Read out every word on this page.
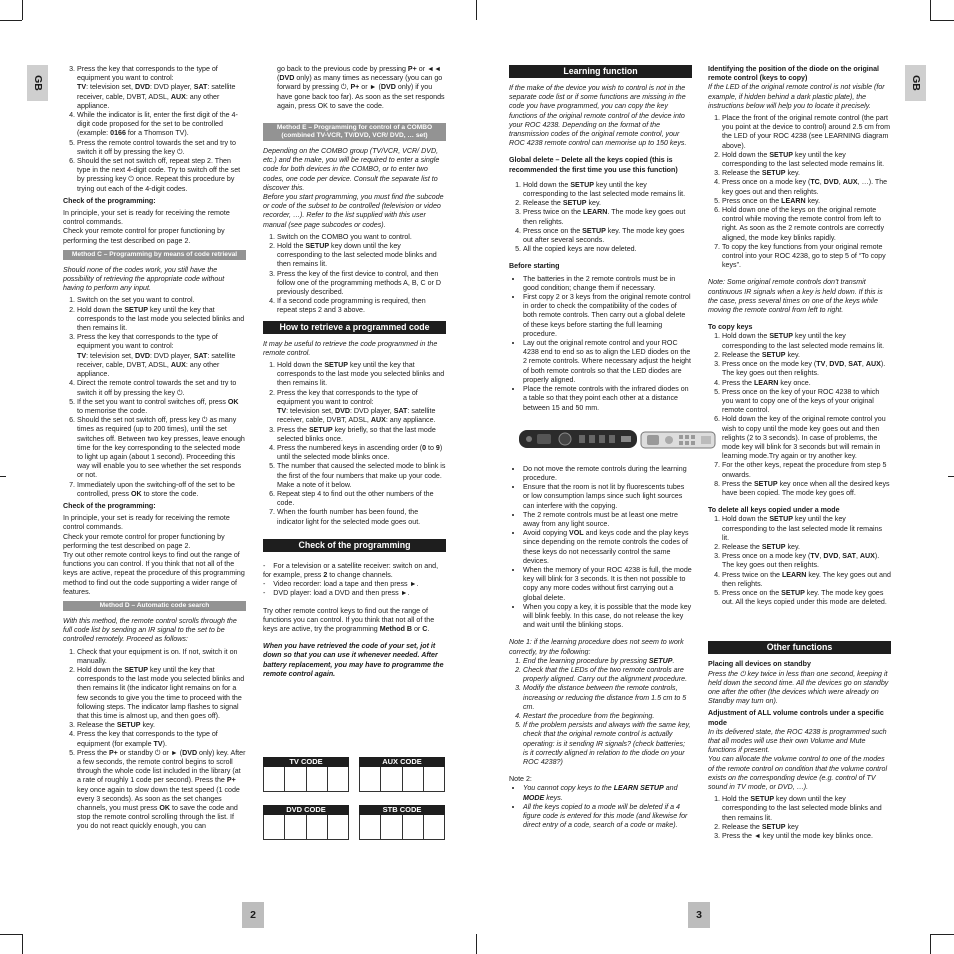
GB	GB
2	3
3. Press the key that corresponds to the type of equipment you want to control:
TV: television set, DVD: DVD player, SAT: satellite receiver, cable, DVBT, ADSL, AUX: any other appliance.
4. While the indicator is lit, enter the first digit of the 4-digit code proposed for the set to be controlled (example: 0166 for a Thomson TV).
5. Press the remote control towards the set and try to switch it off by pressing the key ⏻.
6. Should the set not switch off, repeat step 2. Then type in the next 4-digit code. Try to switch off the set by pressing key ⏻ once. Repeat this procedure by trying out each of the 4-digit codes.

Check of the programming:

In principle, your set is ready for receiving the remote control commands.

Check your remote control for proper functioning by performing the test described on page 2.

Method C – Programming by means of code retrieval

Should none of the codes work, you still have the possibility of retrieving the appropriate code without having to perform any input.

1. Switch on the set you want to control.
2. Hold down the SETUP key until the key that corresponds to the last mode you selected blinks and then remains lit.
3. Press the key that corresponds to the type of equipment you want to control:
TV: television set, DVD: DVD player, SAT: satellite receiver, cable, DVBT, ADSL, AUX: any other appliance.
4. Direct the remote control towards the set and try to switch it off by pressing the key ⏻.
5. If the set you want to control switches off, press OK to memorise the code.
6. Should the set not switch off, press key ⏻ as many times as required (up to 200 times), until the set switches off. Between two key presses, leave enough time for the key corresponding to the selected mode to light up again (about 1 second). Proceeding this way will enable you to see whether the set responds or not.
7. Immediately upon the switching-off of the set to be controlled, press OK to store the code.

Check of the programming:

In principle, your set is ready for receiving the remote control commands.

Check your remote control for proper functioning by performing the test described on page 2.

Try out other remote control keys to find out the range of functions you can control. If you think that not all of the keys are active, repeat the procedure of this programming method to find out the code supporting a wider range of features.

Method D – Automatic code search

With this method, the remote control scrolls through the full code list by sending an IR signal to the set to be controlled remotely. Proceed as follows:

1. Check that your equipment is on. If not, switch it on manually.
2. Hold down the SETUP key until the key that corresponds to the last mode you selected blinks and then remains lit (the indicator light remains on for a few seconds to give you the time to proceed with the following steps. The indicator lamp flashes to signal that this time is almost up, and then goes off).
3. Release the SETUP key.
4. Press the key that corresponds to the type of equipment (for example TV).
5. Press the P+ or standby ⏻ or ► (DVD only) key. After a few seconds, the remote control begins to scroll through the whole code list included in the library (at a rate of roughly 1 code per second). Press the P+ key once again to slow down the test speed (1 code every 3 seconds). As soon as the set changes channels, you must press OK to save the code and stop the remote control scrolling through the list. If you do not react quickly enough, you can

go back to the previous code by pressing P+ or ◄◄ (DVD only) as many times as necessary (you can go forward by pressing ⏻, P+ or ► (DVD only) if you have gone back too far). As soon as the set responds again, press OK to save the code.

Method E – Programming for control of a COMBO (combined TV-VCR, TV/DVD, VCR/ DVD, … set)

Depending on the COMBO group (TV/VCR, VCR/ DVD, etc.) and the make, you will be required to enter a single code for both devices in the COMBO, or to enter two codes, one code per device. Consult the separate list to discover this.

Before you start programming, you must find the subcode or code of the subset to be controlled (television or video recorder, …). Refer to the list supplied with this user manual (see page subcodes or codes).

1. Switch on the COMBO you want to control.
2. Hold the SETUP key down until the key corresponding to the last selected mode blinks and then remains lit.
3. Press the key of the first device to control, and then follow one of the programming methods A, B, C or D previously described.
4. If a second code programming is required, then repeat steps 2 and 3 above.
How to retrieve a programmed code

It may be useful to retrieve the code programmed in the remote control.

1. Hold down the SETUP key until the key that corresponds to the last mode you selected blinks and then remains lit.
2. Press the key that corresponds to the type of equipment you want to control:
TV: television set, DVD: DVD player, SAT: satellite receiver, cable, DVBT, ADSL, AUX: any appliance.
3. Press the SETUP key briefly, so that the last mode selected blinks once.
4. Press the numbered keys in ascending order (0 to 9) until the selected mode blinks once.
5. The number that caused the selected mode to blink is the first of the four numbers that make up your code. Make a note of it below.
6. Repeat step 4 to find out the other numbers of the code.
7. When the fourth number has been found, the indicator light for the selected mode goes out.
Check of the programming
-    For a television or a satellite receiver: switch on and, for example, press 2 to change channels.
-    Video recorder: load a tape and then press ►.
-    DVD player: load a DVD and then press ►.

Try other remote control keys to find out the range of functions you can control. If you think that not all of the keys are active, try the programming Method B or C.

When you have retrieved the code of your set, jot it down so that you can use it whenever needed. After battery replacement, you may have to programme the remote control again.

TV CODE	AUX CODE
DVD CODE	STB CODE
Learning function

If the make of the device you wish to control is not in the separate code list or if some functions are missing in the code you have programmed, you can copy the key functions of the original remote control of the device into your ROC 4238. Depending on the format of the transmission codes of the original remote control, your ROC 4238 remote control can memorise up to 150 keys.

Global delete – Delete all the keys copied (this is recommended the first time you use this function)

1. Hold down the SETUP key until the key corresponding to the last selected mode remains lit.
2. Release the SETUP key.
3. Press twice on the LEARN. The mode key goes out then relights.
4. Press once on the SETUP key. The mode key goes out after several seconds.
5. All the copied keys are now deleted.

Before starting

• The batteries in the 2 remote controls must be in good condition; change them if necessary.
• First copy 2 or 3 keys from the original remote control in order to check the compatibility of the codes of both remote controls. Then carry out a global delete of these keys before starting the full learning procedure.
• Lay out the original remote control and your ROC 4238 end to end so as to align the LED diodes on the 2 remote controls. Where necessary adjust the height of both remote controls so that the LED diodes are properly aligned.
• Place the remote controls with the infrared diodes on a table so that they point each other at a distance between 15 and 50 mm.
• Do not move the remote controls during the learning procedure.
• Ensure that the room is not lit by fluorescents tubes or low consumption lamps since such light sources can interfere with the copying.
• The 2 remote controls must be at least one metre away from any light source.
• Avoid copying VOL and keys code and the play keys since depending on the remote controls the codes of these keys do not necessarily control the same devices.
• When the memory of your ROC 4238 is full, the mode key will blink for 3 seconds. It is then not possible to copy any more codes without first carrying out a global delete.
• When you copy a key, it is possible that the mode key will blink feebly. In this case, do not release the key and wait until the blinking stops.

Note 1: if the learning procedure does not seem to work correctly, try the following:

1. End the learning procedure by pressing SETUP.
2. Check that the LEDs of the two remote controls are properly aligned. Carry out the alignment procedure.
3. Modify the distance between the remote controls, increasing or reducing the distance from 1.5 cm to 5 cm.
4. Restart the procedure from the beginning.
5. If the problem persists and always with the same key, check that the original remote control is actually operating: is it sending IR signals? (check batteries; is it correctly aligned in relation to the diode on your ROC 4238?)

Note 2:

• You cannot copy keys to the LEARN SETUP and MODE keys.
• All the keys copied to a mode will be deleted if a 4 figure code is entered for this mode (and likewise for direct entry of a code, search of a code or make).

Identifying the position of the diode on the original remote control (keys to copy)

If the LED of the original remote control is not visible (for example, if hidden behind a dark plastic plate), the instructions below will help you to locate it precisely.

1. Place the front of the original remote control (the part you point at the device to control) around 2.5 cm from the LED of your ROC 4238 (see LEARNING diagram above).
2. Hold down the SETUP key until the key corresponding to the last selected mode remains lit.
3. Release the SETUP key.
4. Press once on a mode key (TC, DVD, AUX, …). The key goes out and then relights.
5. Press once on the LEARN key.
6. Hold down one of the keys on the original remote control while moving the remote control from left to right. As soon as the 2 remote controls are correctly aligned, the mode key blinks rapidly.
7. To copy the key functions from your original remote control into your ROC 4238, go to step 5 of “To copy keys”.

Note: Some original remote controls don’t transmit continuous IR signals when a key is held down. If this is the case, press several times on one of the keys while moving the remote control from left to right.

To copy keys

1. Hold down the SETUP key until the key corresponding to the last selected mode remains lit.
2. Release the SETUP key.
3. Press once on the mode key (TV, DVD, SAT, AUX). The key goes out then relights.
4. Press the LEARN key once.
5. Press once on the key of your ROC 4238 to which you want to copy one of the keys of your original remote control.
6. Hold down the key of the original remote control you wish to copy until the mode key goes out and then relights (2 to 3 seconds). In case of problems, the mode key will blink for 3 seconds but will remain in learning mode.Try again or try another key.
7. For the other keys, repeat the procedure from step 5 onwards.
8. Press the SETUP key once when all the desired keys have been copied. The mode key goes off.

To delete all keys copied under a mode

1. Hold down the SETUP key until the key corresponding to the last selected mode lit remains lit.
2. Release the SETUP key.
3. Press once on a mode key (TV, DVD, SAT, AUX). The key goes out then relights.
4. Press twice on the LEARN key. The key goes out and then relights.
5. Press once on the SETUP key. The mode key goes out. All the keys copied under this mode are deleted.
Other functions

Placing all devices on standby

Press the ⏻ key twice in less than one second, keeping it held down the second time. All the devices go on standby one after the other (the devices which were already on Standby may turn on).

Adjustment of ALL volume controls under a specific mode

In its delivered state, the ROC 4238 is programmed such that all modes will use their own Volume and Mute functions if present.

You can allocate the volume control to one of the modes of the remote control on condition that the volume control exists on the corresponding device (e.g. control of TV sound in TV mode, or DVD, …).

1. Hold the SETUP key down until the key corresponding to the last selected mode blinks and then remains lit.
2. Release the SETUP key
3. Press the ◄ key until the mode key blinks once.
